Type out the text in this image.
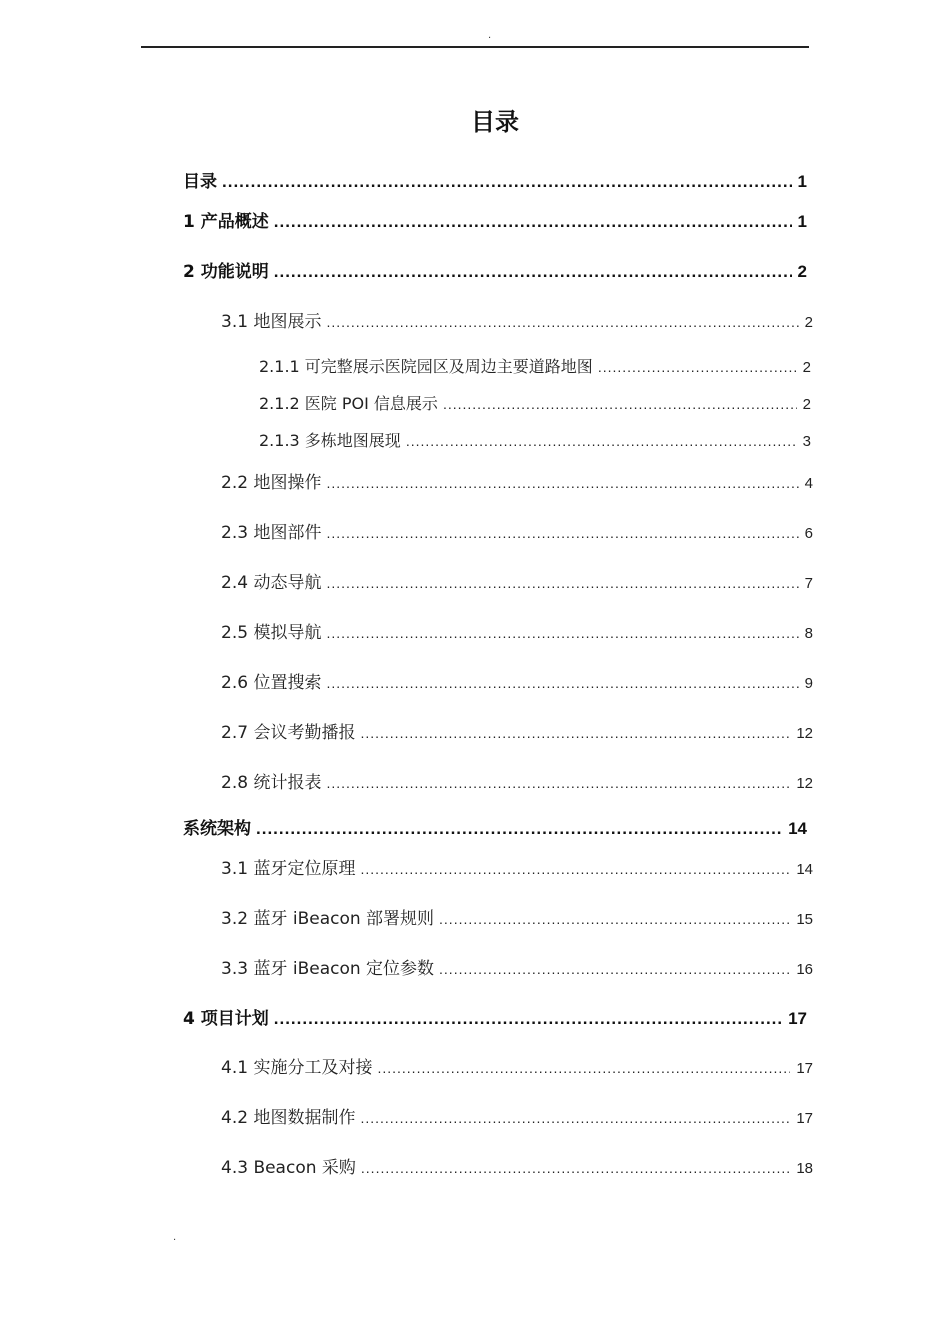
.
目录
目录 .....	1
1 产品概述 .....	1
2 功能说明 .....	2
3.1 地图展示 .....	2
2.1.1 可完整展示医院园区及周边主要道路地图 .....	2
2.1.2 医院 POI 信息展示 .....	2
2.1.3 多栋地图展现 .....	3
2.2 地图操作 .....	4
2.3 地图部件 .....	6
2.4 动态导航 .....	7
2.5 模拟导航 .....	8
2.6 位置搜索 .....	9
2.7 会议考勤播报 .....	12
2.8 统计报表 .....	12
系统架构 .....	14
3.1 蓝牙定位原理 .....	14
3.2 蓝牙 iBeacon 部署规则 .....	15
3.3 蓝牙 iBeacon 定位参数 .....	16
4 项目计划 .....	17
4.1 实施分工及对接 .....	17
4.2 地图数据制作 .....	17
4.3 Beacon 采购 .....	18
.
